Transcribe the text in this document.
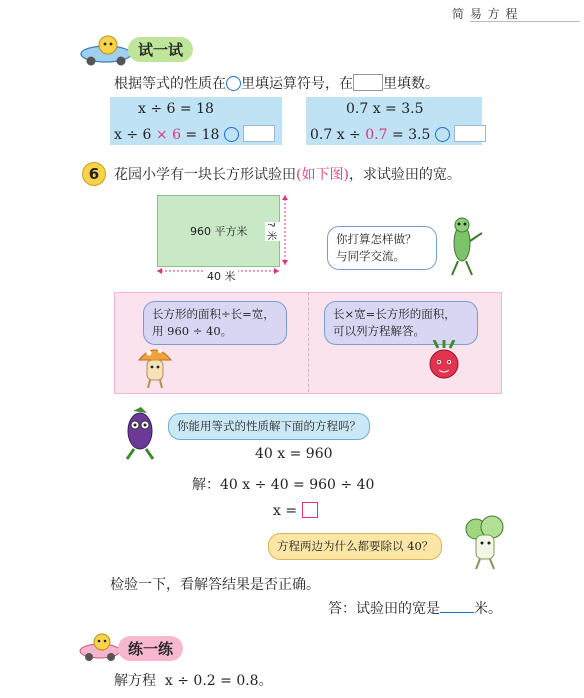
简 易 方 程
试一试
根据等式的性质在 里填运算符号，在 里填数。
x ÷ 6 = 18
x ÷ 6 × 6 = 18
0.7 x = 3.5
0.7 x ÷ 0.7 = 3.5
6	花园小学有一块长方形试验田(如下图)，求试验田的宽。
960 平方米
40 米
? 米	你打算怎样做？
与同学交流。
长方形的面积÷长=宽，
用 960 ÷ 40。
长×宽=长方形的面积，
可以列方程解答。
你能用等式的性质解下面的方程吗？
40 x = 960
解：40 x ÷ 40 = 960 ÷ 40
x =
方程两边为什么都要除以 40？
检验一下，看解答结果是否正确。
答：试验田的宽是 米。
练一练
解方程 x ÷ 0.2 = 0.8。
